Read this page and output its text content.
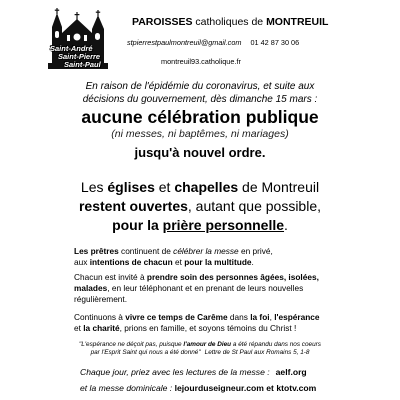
Saint-André
Saint-Pierre
Saint-Paul
PAROISSES catholiques de MONTREUIL
stpierrestpaulmontreuil@gmail.com 01 42 87 30 06
montreuil93.catholique.fr
En raison de l'épidémie du coronavirus, et suite aux
décisions du gouvernement, dès dimanche 15 mars :
aucune célébration publique
(ni messes, ni baptêmes, ni mariages)
jusqu'à nouvel ordre.
Les églises et chapelles de Montreuil
restent ouvertes, autant que possible,
pour la prière personnelle.
Les prêtres continuent de célébrer la messe en privé,
aux intentions de chacun et pour la multitude.
Chacun est invité à prendre soin des personnes âgées, isolées,
malades, en leur téléphonant et en prenant de leurs nouvelles
régulièrement.
Continuons à vivre ce temps de Carême dans la foi, l'espérance
et la charité, prions en famille, et soyons témoins du Christ !
"L'espérance ne déçoit pas, puisque l'amour de Dieu a été répandu dans nos coeurs
par l'Esprit Saint qui nous a été donné" Lettre de St Paul aux Romains 5, 1-8
Chaque jour, priez avec les lectures de la messe : aelf.org
et la messe dominicale : lejourduseigneur.com et ktotv.com
